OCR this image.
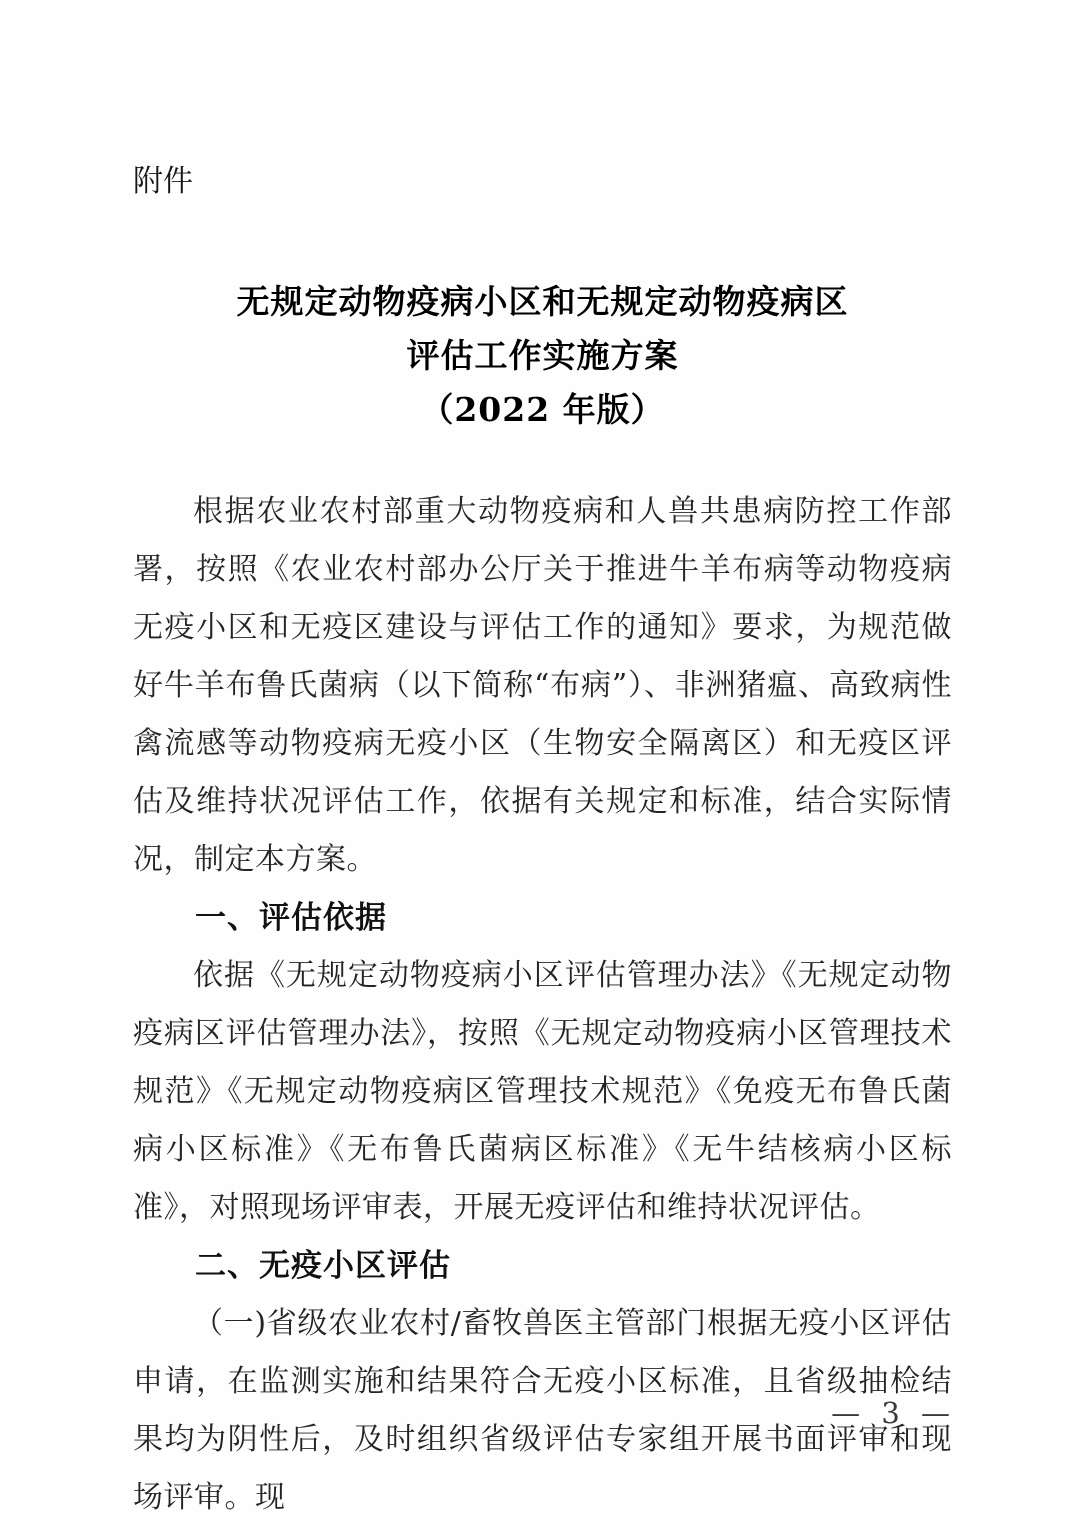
附件
无规定动物疫病小区和无规定动物疫病区
评估工作实施方案
（2022 年版）

根据农业农村部重大动物疫病和人兽共患病防控工作部署，按照《农业农村部办公厅关于推进牛羊布病等动物疫病无疫小区和无疫区建设与评估工作的通知》要求，为规范做好牛羊布鲁氏菌病（以下简称“布病”）、非洲猪瘟、高致病性禽流感等动物疫病无疫小区（生物安全隔离区）和无疫区评估及维持状况评估工作，依据有关规定和标准，结合实际情况，制定本方案。

一、评估依据

依据《无规定动物疫病小区评估管理办法》《无规定动物疫病区评估管理办法》，按照《无规定动物疫病小区管理技术规范》《无规定动物疫病区管理技术规范》《免疫无布鲁氏菌病小区标准》《无布鲁氏菌病区标准》《无牛结核病小区标准》，对照现场评审表，开展无疫评估和维持状况评估。

二、无疫小区评估

（一)省级农业农村/畜牧兽医主管部门根据无疫小区评估申请，在监测实施和结果符合无疫小区标准，且省级抽检结果均为阴性后，及时组织省级评估专家组开展书面评审和现场评审。现

— 3 —
